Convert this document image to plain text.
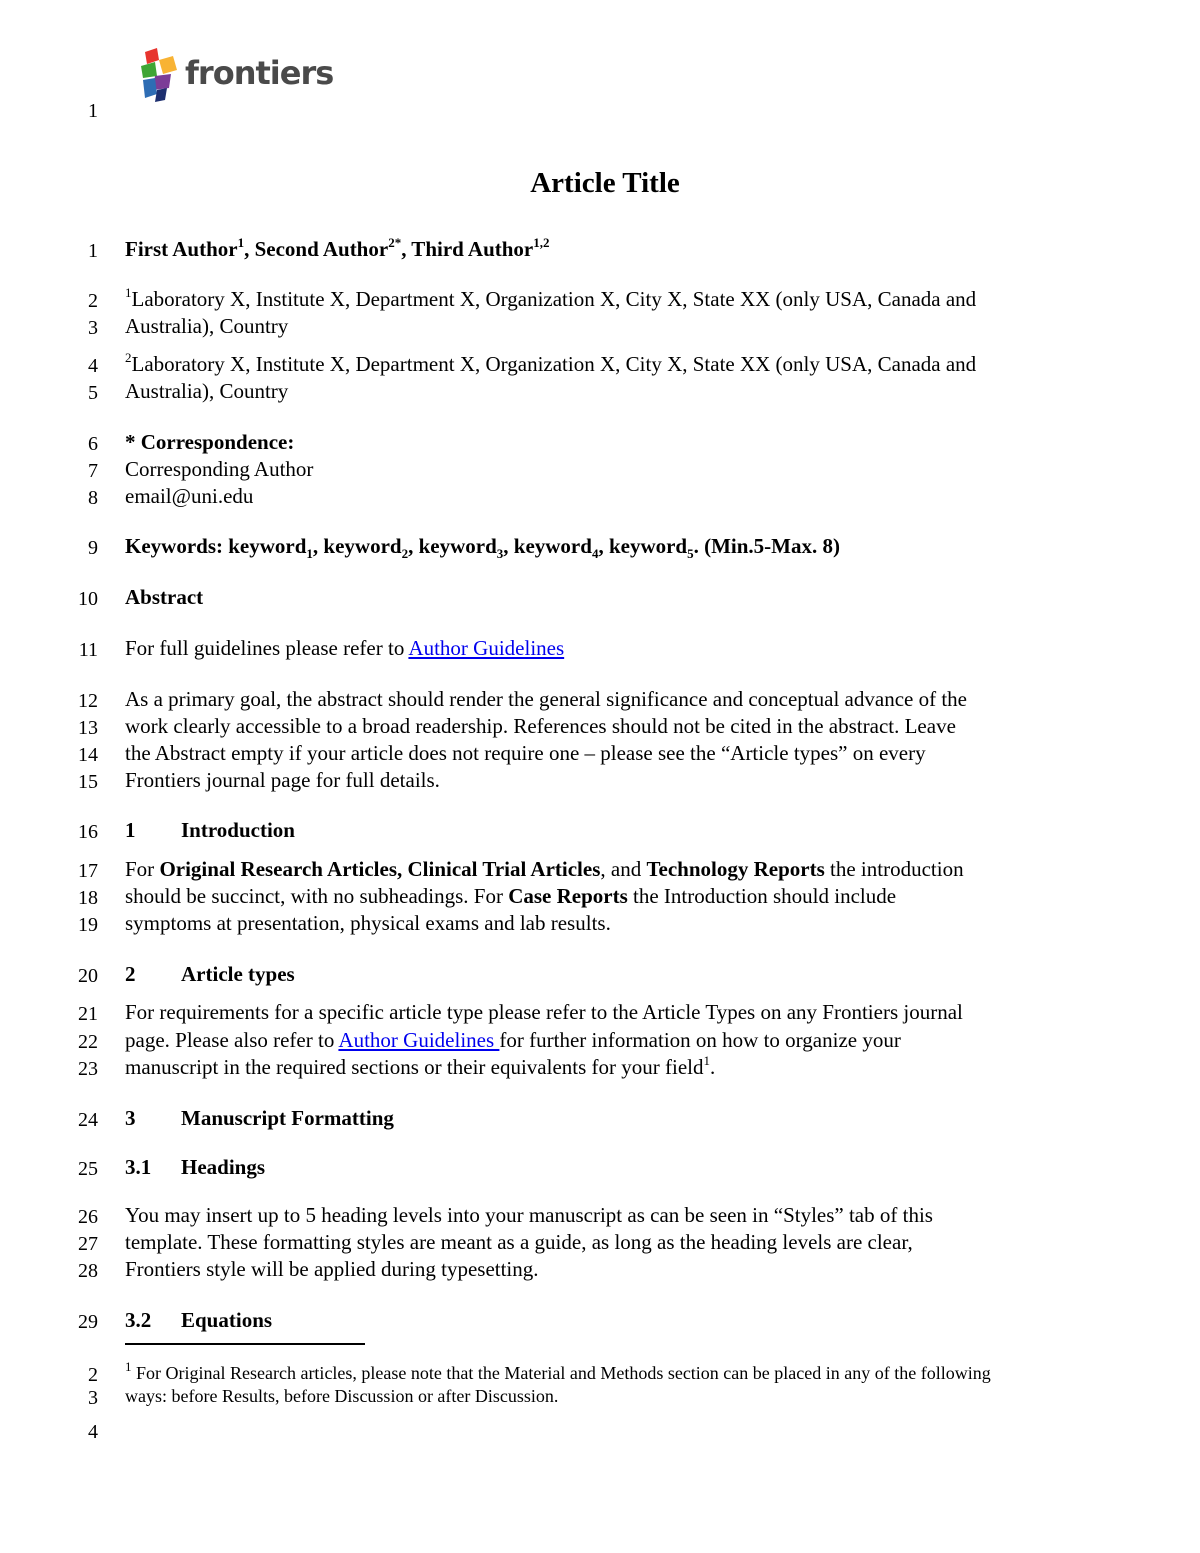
frontiers
1
Article Title
1 First Author$^1$, Second Author$^{2*}$, Third Author$^{1,2}$
2 $^1$Laboratory X, Institute X, Department X, Organization X, City X, State XX (only USA, Canada and
3 Australia), Country
4 $^2$Laboratory X, Institute X, Department X, Organization X, City X, State XX (only USA, Canada and
5 Australia), Country
6 * Correspondence:
7 Corresponding Author
8 email@uni.edu
9 Keywords: keyword$_1$, keyword$_2$, keyword$_3$, keyword$_4$, keyword$_5$. (Min.5-Max. 8)
10 Abstract
11 For full guidelines please refer to Author Guidelines
12 As a primary goal, the abstract should render the general significance and conceptual advance of the
13 work clearly accessible to a broad readership. References should not be cited in the abstract. Leave
14 the Abstract empty if your article does not require one – please see the “Article types” on every
15 Frontiers journal page for full details.
16 1 Introduction
17 For Original Research Articles, Clinical Trial Articles, and Technology Reports the introduction
18 should be succinct, with no subheadings. For Case Reports the Introduction should include
19 symptoms at presentation, physical exams and lab results.
20 2 Article types
21 For requirements for a specific article type please refer to the Article Types on any Frontiers journal
22 page. Please also refer to Author Guidelines for further information on how to organize your
23 manuscript in the required sections or their equivalents for your field$^1$.
24 3 Manuscript Formatting
25 3.1 Headings
26 You may insert up to 5 heading levels into your manuscript as can be seen in “Styles” tab of this
27 template. These formatting styles are meant as a guide, as long as the heading levels are clear,
28 Frontiers style will be applied during typesetting.
29 3.2 Equations
2 $^1$ For Original Research articles, please note that the Material and Methods section can be placed in any of the following
3 ways: before Results, before Discussion or after Discussion.
4
